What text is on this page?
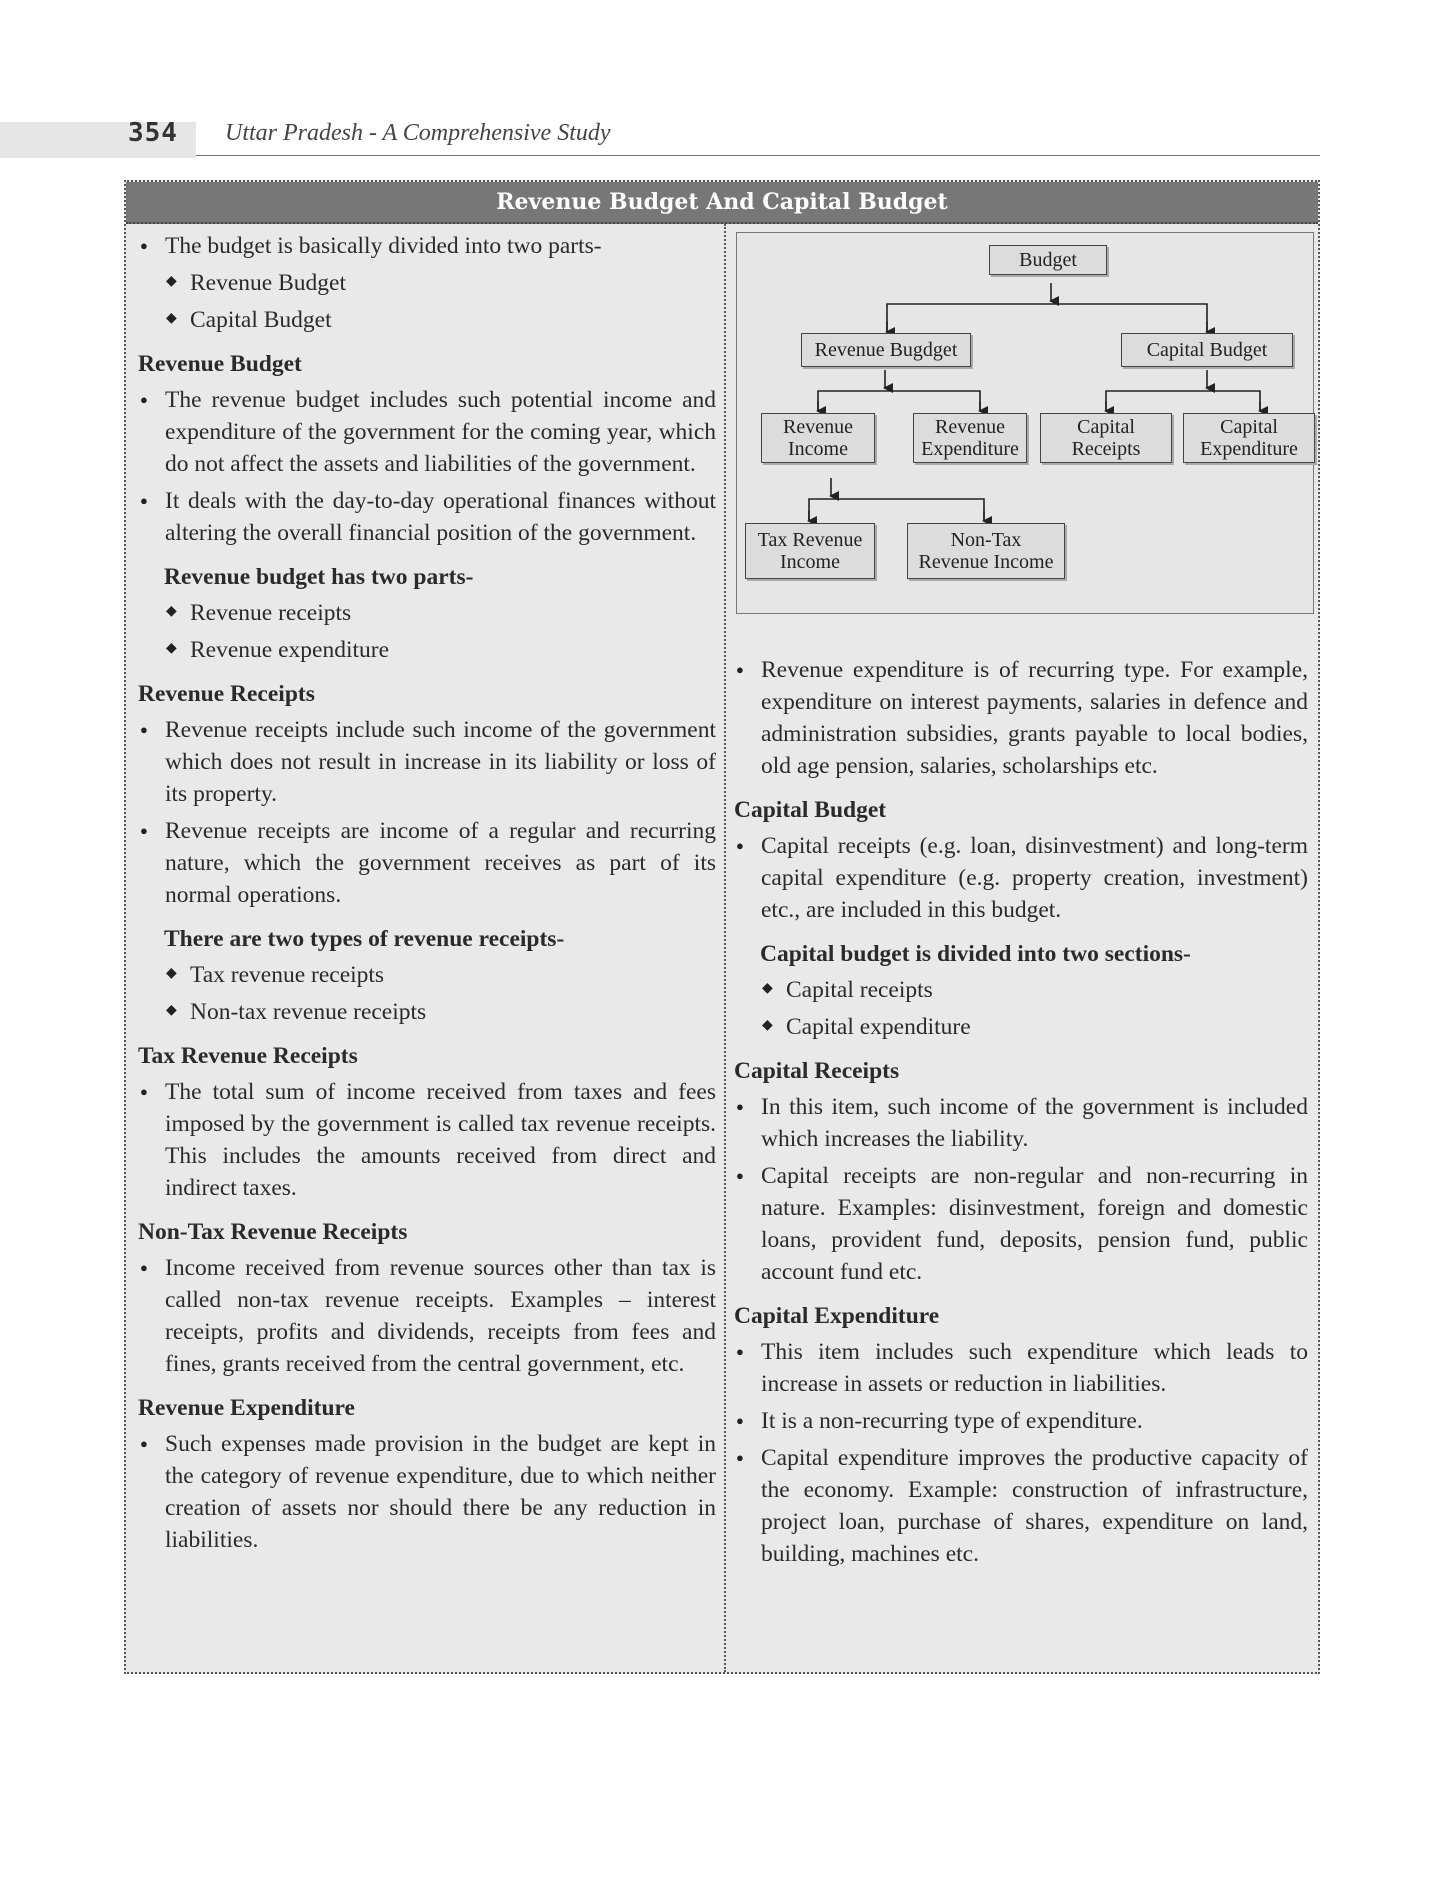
354 Uttar Pradesh - A Comprehensive Study
Revenue Budget And Capital Budget
● The budget is basically divided into two parts-
◆ Revenue Budget
◆ Capital Budget
Revenue Budget
● The revenue budget includes such potential income and expenditure of the government for the coming year, which do not affect the assets and liabilities of the government.
● It deals with the day-to-day operational finances without altering the overall financial position of the government.
Revenue budget has two parts-
◆ Revenue receipts
◆ Revenue expenditure
Revenue Receipts
● Revenue receipts include such income of the government which does not result in increase in its liability or loss of its property.
● Revenue receipts are income of a regular and recurring nature, which the government receives as part of its normal operations.
There are two types of revenue receipts-
◆ Tax revenue receipts
◆ Non-tax revenue receipts
Tax Revenue Receipts
● The total sum of income received from taxes and fees imposed by the government is called tax revenue receipts. This includes the amounts received from direct and indirect taxes.
Non-Tax Revenue Receipts
● Income received from revenue sources other than tax is called non-tax revenue receipts. Examples – interest receipts, profits and dividends, receipts from fees and fines, grants received from the central government, etc.
Revenue Expenditure
● Such expenses made provision in the budget are kept in the category of revenue expenditure, due to which neither creation of assets nor should there be any reduction in liabilities.
Budget
Revenue Bugdget	Capital Budget
Revenue
Income
Revenue
Expenditure
Capital
Receipts
Capital
Expenditure
Tax Revenue
Income
Non-Tax
Revenue Income
● Revenue expenditure is of recurring type. For example, expenditure on interest payments, salaries in defence and administration subsidies, grants payable to local bodies, old age pension, salaries, scholarships etc.
Capital Budget
● Capital receipts (e.g. loan, disinvestment) and long-term capital expenditure (e.g. property creation, investment) etc., are included in this budget.
Capital budget is divided into two sections-
◆ Capital receipts
◆ Capital expenditure
Capital Receipts
● In this item, such income of the government is included which increases the liability.
● Capital receipts are non-regular and non-recurring in nature. Examples: disinvestment, foreign and domestic loans, provident fund, deposits, pension fund, public account fund etc.
Capital Expenditure
● This item includes such expenditure which leads to increase in assets or reduction in liabilities.
● It is a non-recurring type of expenditure.
● Capital expenditure improves the productive capacity of the economy. Example: construction of infrastructure, project loan, purchase of shares, expenditure on land, building, machines etc.
